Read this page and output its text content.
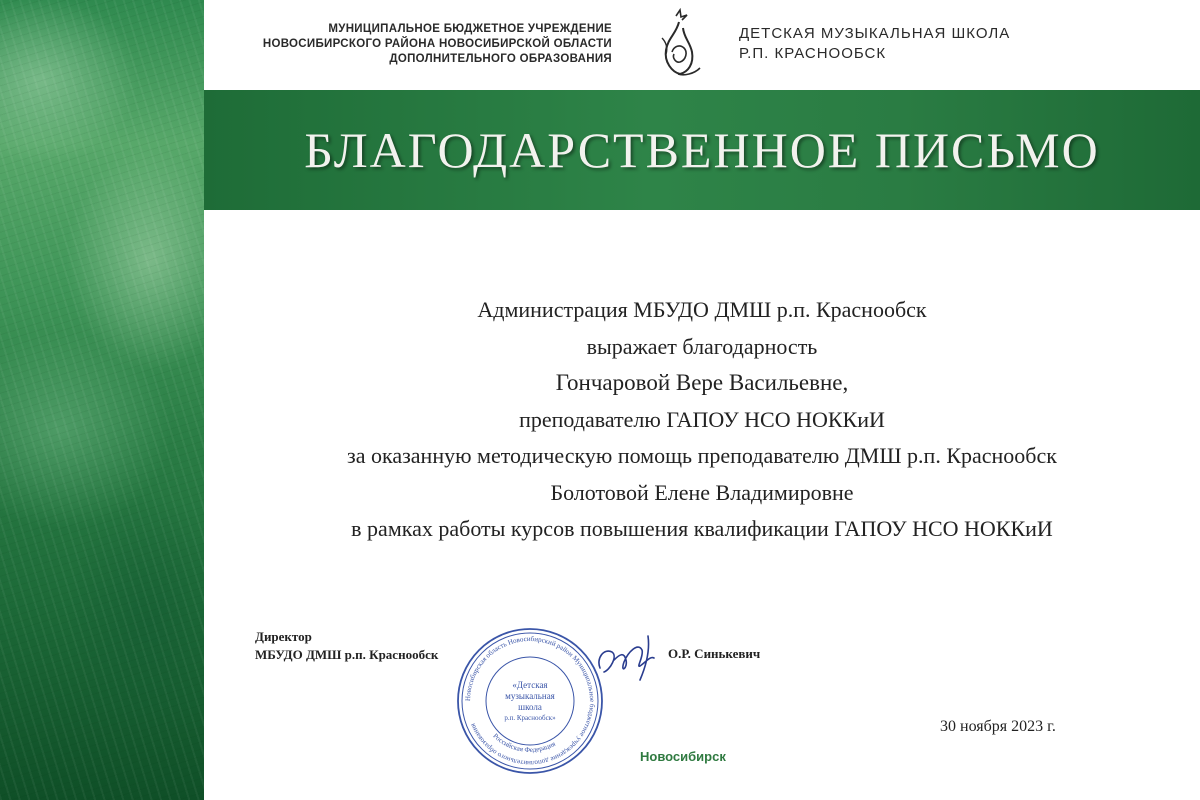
МУНИЦИПАЛЬНОЕ БЮДЖЕТНОЕ УЧРЕЖДЕНИЕ
НОВОСИБИРСКОГО РАЙОНА НОВОСИБИРСКОЙ ОБЛАСТИ
ДОПОЛНИТЕЛЬНОГО ОБРАЗОВАНИЯ
ДЕТСКАЯ МУЗЫКАЛЬНАЯ ШКОЛА
Р.П. КРАСНООБСК
БЛАГОДАРСТВЕННОЕ ПИСЬМО
Администрация МБУДО ДМШ р.п. Краснообск
выражает благодарность
Гончаровой Вере Васильевне,
преподавателю ГАПОУ НСО НОККиИ
за оказанную методическую помощь преподавателю ДМШ р.п. Краснообск
Болотовой Елене Владимировне
в рамках работы курсов повышения квалификации ГАПОУ НСО НОККиИ
Директор
МБУДО ДМШ р.п. Краснообск
Новосибирская область Новосибирский район Муниципальное бюджетное учреждение дополнительного образования
Российская Федерация
«Детская
музыкальная
школа
р.п. Краснообск»
О.Р. Синькевич
30 ноября 2023 г.
Новосибирск
